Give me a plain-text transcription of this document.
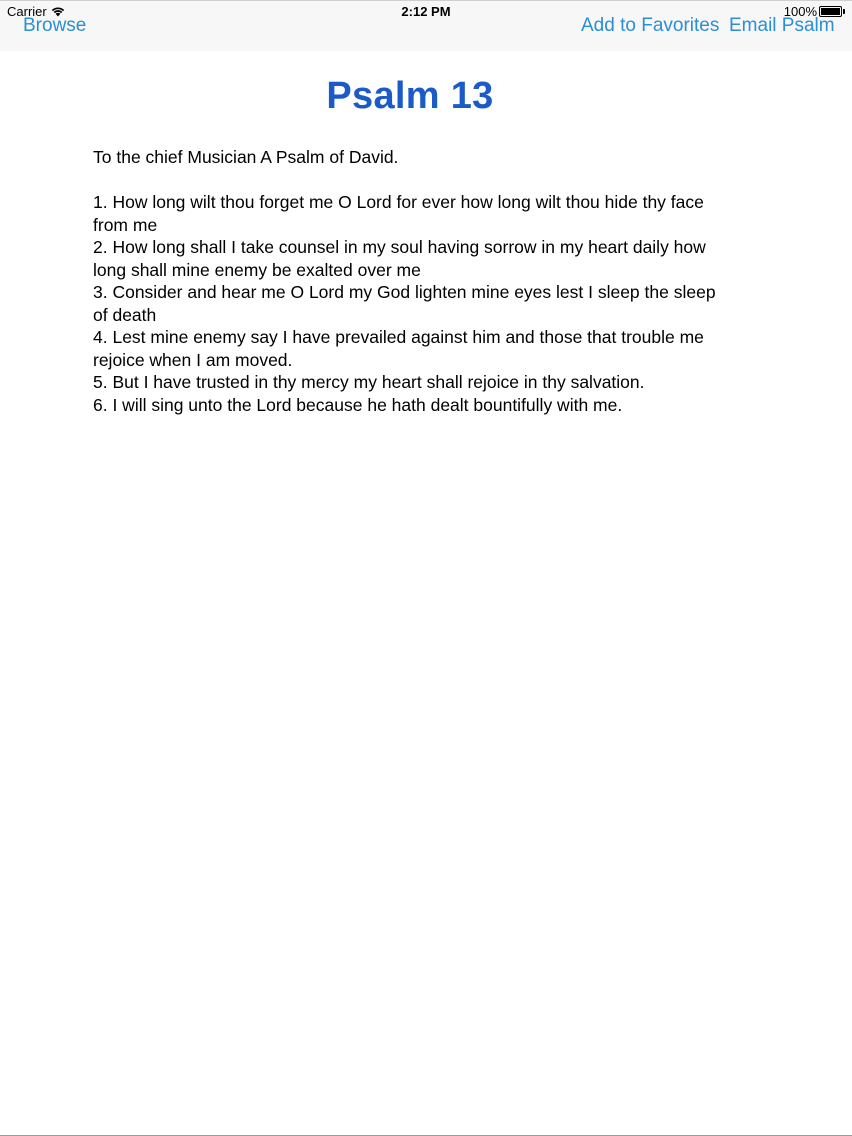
Carrier	2:12 PM	100%
Browse	Add to Favorites Email Psalm
Psalm 13

To the chief Musician A Psalm of David.

1. How long wilt thou forget me O Lord for ever how long wilt thou hide thy face from me

2. How long shall I take counsel in my soul having sorrow in my heart daily how long shall mine enemy be exalted over me

3. Consider and hear me O Lord my God lighten mine eyes lest I sleep the sleep of death

4. Lest mine enemy say I have prevailed against him and those that trouble me rejoice when I am moved.

5. But I have trusted in thy mercy my heart shall rejoice in thy salvation.

6. I will sing unto the Lord because he hath dealt bountifully with me.
